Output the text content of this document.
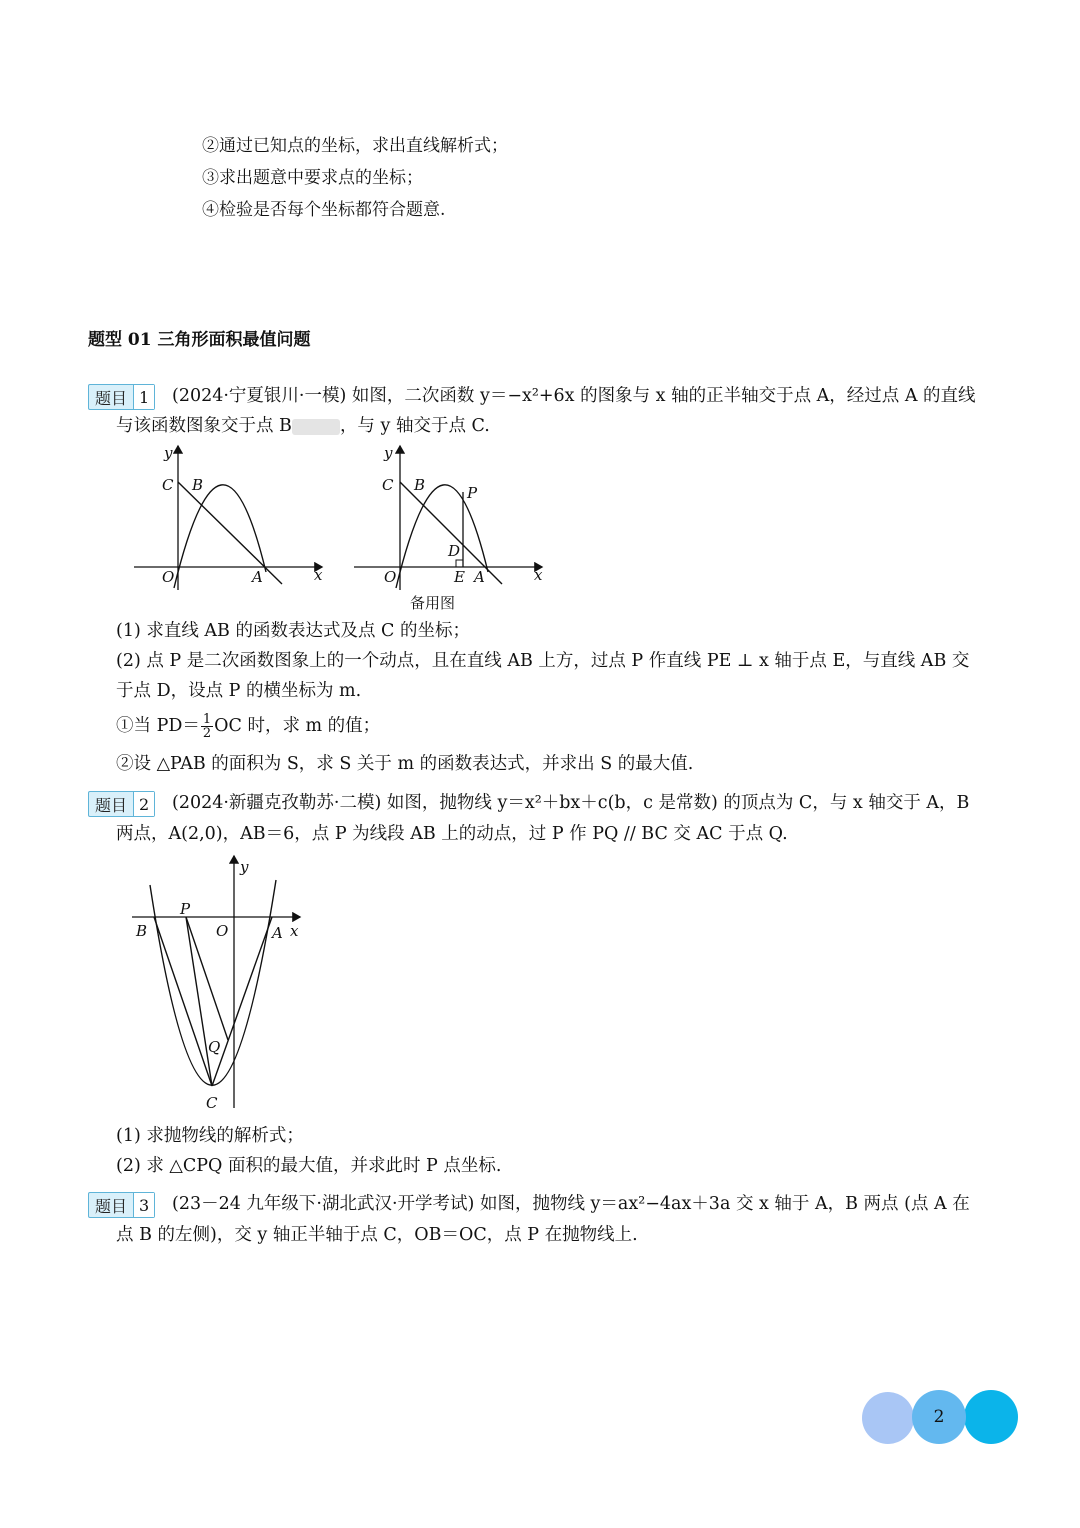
②通过已知点的坐标，求出直线解析式；
③求出题意中要求点的坐标；
④检验是否每个坐标都符合题意.
题型 01 三角形面积最值问题
题目 1 (2024·宁夏银川·一模) 如图，二次函数 y＝−x²+6x 的图象与 x 轴的正半轴交于点 A，经过点 A 的直线
与该函数图象交于点 B	，与 y 轴交于点 C.
y
x
C B
O	A
y
x
C B	P
D
O	E A
备用图
(1) 求直线 AB 的函数表达式及点 C 的坐标；
(2) 点 P 是二次函数图象上的一个动点，且在直线 AB 上方，过点 P 作直线 PE ⊥ x 轴于点 E，与直线 AB 交
于点 D，设点 P 的横坐标为 m.
①当 $PD= \frac{1}{2}$ OC 时，求 m 的值；
②设 △PAB 的面积为 S，求 S 关于 m 的函数表达式，并求出 S 的最大值.
题目 2 (2024·新疆克孜勒苏·二模) 如图，抛物线 y＝x²＋bx＋c(b，c 是常数) 的顶点为 C，与 x 轴交于 A，B
两点，A(2,0)，AB＝6，点 P 为线段 AB 上的动点，过 P 作 PQ // BC 交 AC 于点 Q.
y
x
B
P
O	A
Q
C
(1) 求抛物线的解析式；
(2) 求 △CPQ 面积的最大值，并求此时 P 点坐标.
题目 3 (23－24 九年级下·湖北武汉·开学考试) 如图，抛物线 y＝ax²−4ax＋3a 交 x 轴于 A，B 两点 (点 A 在
点 B 的左侧)，交 y 轴正半轴于点 C，OB＝OC，点 P 在抛物线上.
2
